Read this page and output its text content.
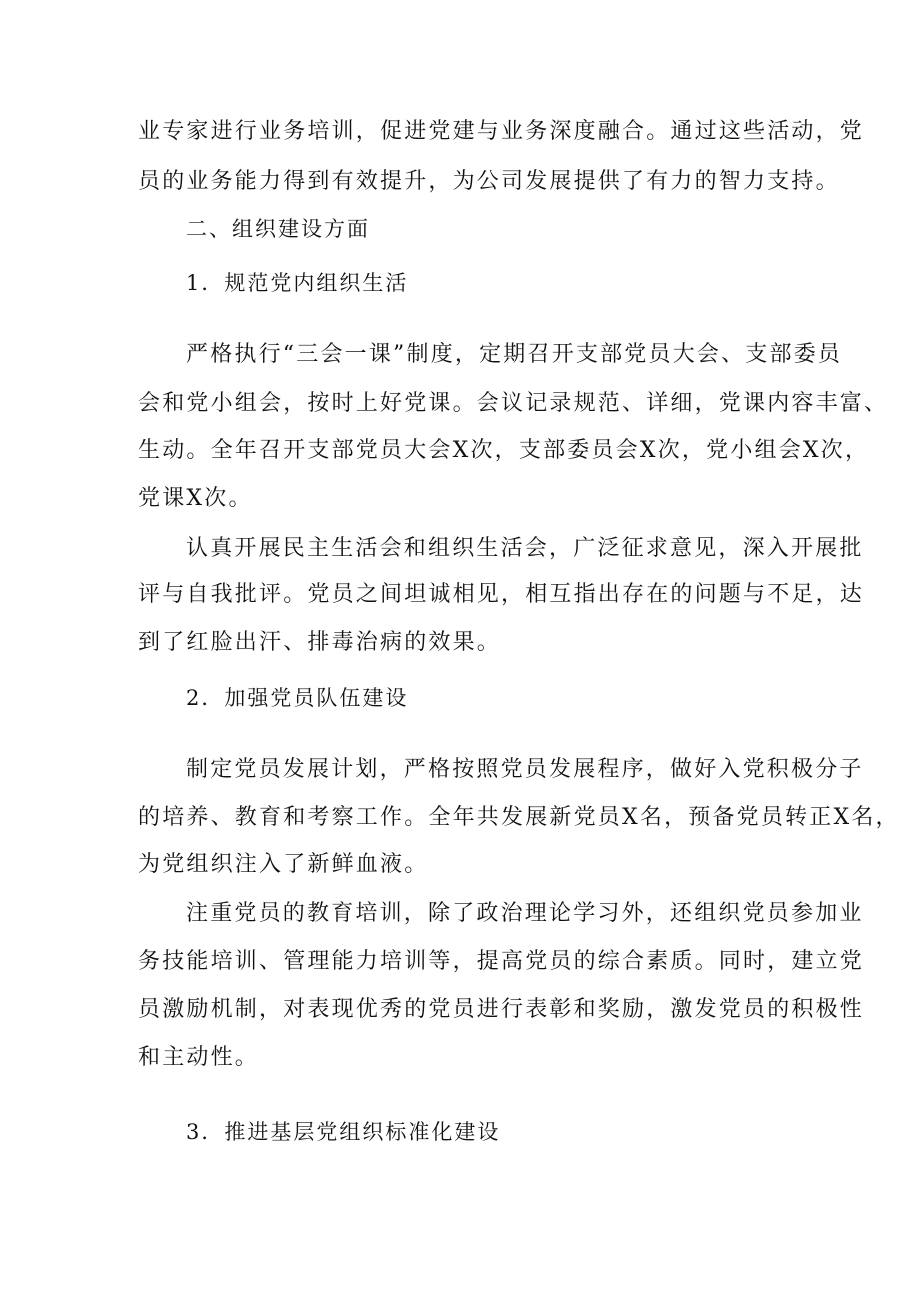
业专家进行业务培训，促进党建与业务深度融合。通过这些活动，党
员的业务能力得到有效提升，为公司发展提供了有力的智力支持。
二、组织建设方面
1．规范党内组织生活
严格执行“三会一课”制度，定期召开支部党员大会、支部委员
会和党小组会，按时上好党课。会议记录规范、详细，党课内容丰富、
生动。全年召开支部党员大会X次，支部委员会X次，党小组会X次，
党课X次。
认真开展民主生活会和组织生活会，广泛征求意见，深入开展批
评与自我批评。党员之间坦诚相见，相互指出存在的问题与不足，达
到了红脸出汗、排毒治病的效果。
2．加强党员队伍建设
制定党员发展计划，严格按照党员发展程序，做好入党积极分子
的培养、教育和考察工作。全年共发展新党员X名，预备党员转正X名，
为党组织注入了新鲜血液。
注重党员的教育培训，除了政治理论学习外，还组织党员参加业
务技能培训、管理能力培训等，提高党员的综合素质。同时，建立党
员激励机制，对表现优秀的党员进行表彰和奖励，激发党员的积极性
和主动性。
3．推进基层党组织标准化建设
